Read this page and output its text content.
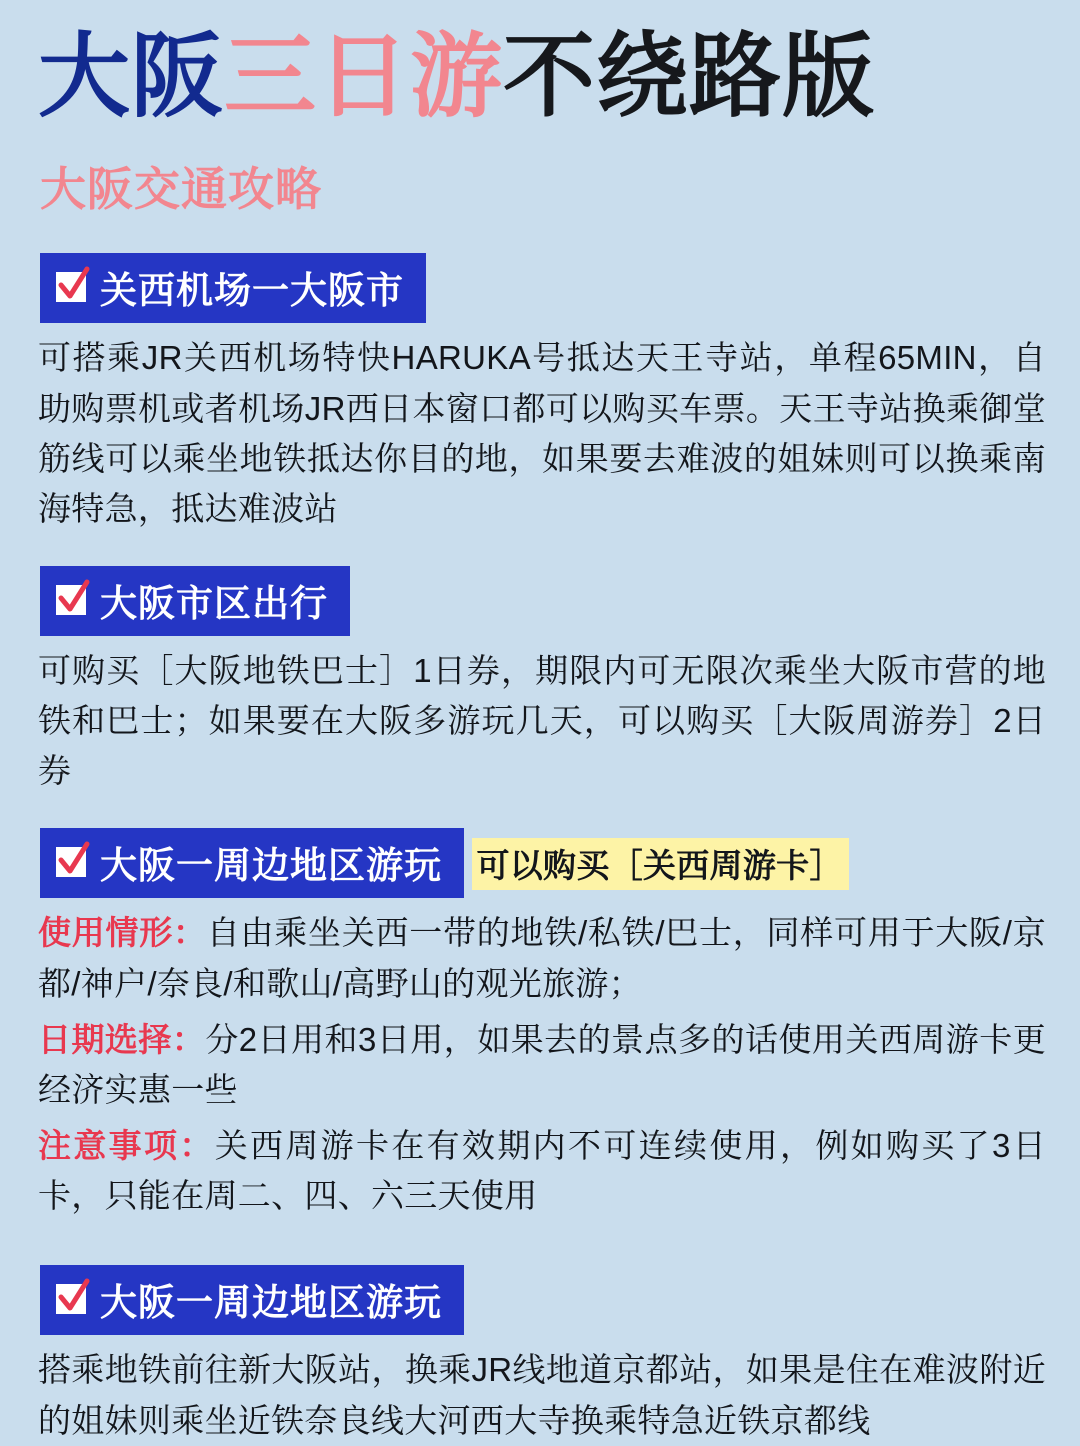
大阪 三日游 不绕路版
大阪交通攻略
关西机场一大阪市

可搭乘JR关西机场特快HARUKA号抵达天王寺站，单程65MIN，自助购票机或者机场JR西日本窗口都可以购买车票。天王寺站换乘御堂筋线可以乘坐地铁抵达你目的地，如果要去难波的姐妹则可以换乘南海特急，抵达难波站

大阪市区出行

可购买［大阪地铁巴士］1日券，期限内可无限次乘坐大阪市营的地铁和巴士；如果要在大阪多游玩几天，可以购买［大阪周游券］2日券

大阪一周边地区游玩 可以购买［关西周游卡］

使用情形：自由乘坐关西一带的地铁/私铁/巴士，同样可用于大阪/京都/神户/奈良/和歌山/高野山的观光旅游；

日期选择：分2日用和3日用，如果去的景点多的话使用关西周游卡更经济实惠一些

注意事项：关西周游卡在有效期内不可连续使用，例如购买了3日卡，只能在周二、四、六三天使用

大阪一周边地区游玩

搭乘地铁前往新大阪站，换乘JR线地道京都站，如果是住在难波附近的姐妹则乘坐近铁奈良线大河西大寺换乘特急近铁京都线
